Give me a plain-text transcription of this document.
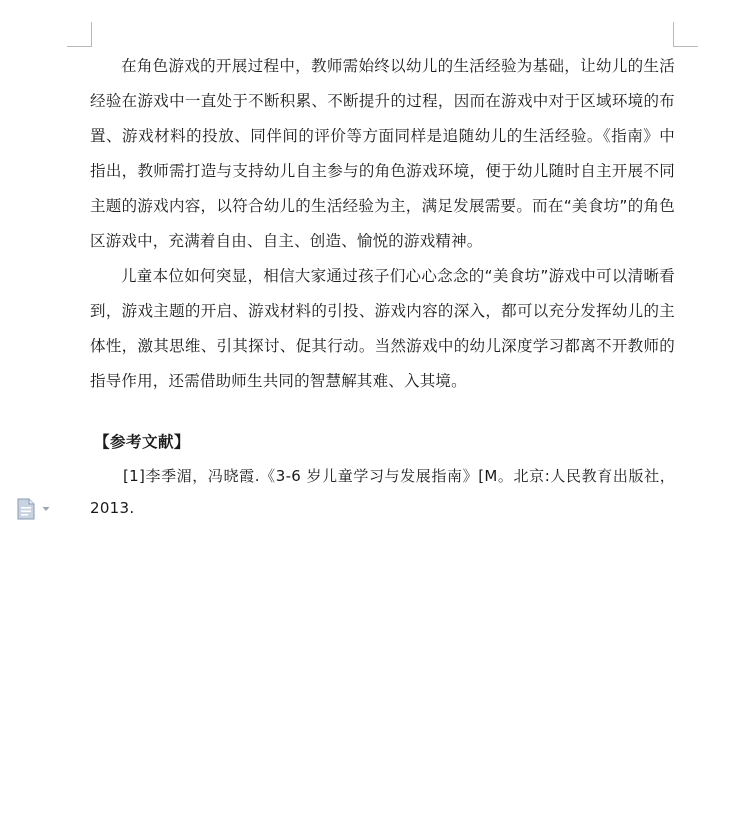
在角色游戏的开展过程中，教师需始终以幼儿的生活经验为基础，让幼儿的生活经验在游戏中一直处于不断积累、不断提升的过程，因而在游戏中对于区域环境的布置、游戏材料的投放、同伴间的评价等方面同样是追随幼儿的生活经验。《指南》中指出，教师需打造与支持幼儿自主参与的角色游戏环境，便于幼儿随时自主开展不同主题的游戏内容，以符合幼儿的生活经验为主，满足发展需要。而在“美食坊”的角色区游戏中，充满着自由、自主、创造、愉悦的游戏精神。

儿童本位如何突显，相信大家通过孩子们心心念念的“美食坊”游戏中可以清晰看到，游戏主题的开启、游戏材料的引投、游戏内容的深入，都可以充分发挥幼儿的主体性，激其思维、引其探讨、促其行动。当然游戏中的幼儿深度学习都离不开教师的指导作用，还需借助师生共同的智慧解其难、入其境。

【参考文献】

[1]李季湄，冯晓霞.《3-6 岁儿童学习与发展指南》[M。北京:人民教育出版社，2013.
